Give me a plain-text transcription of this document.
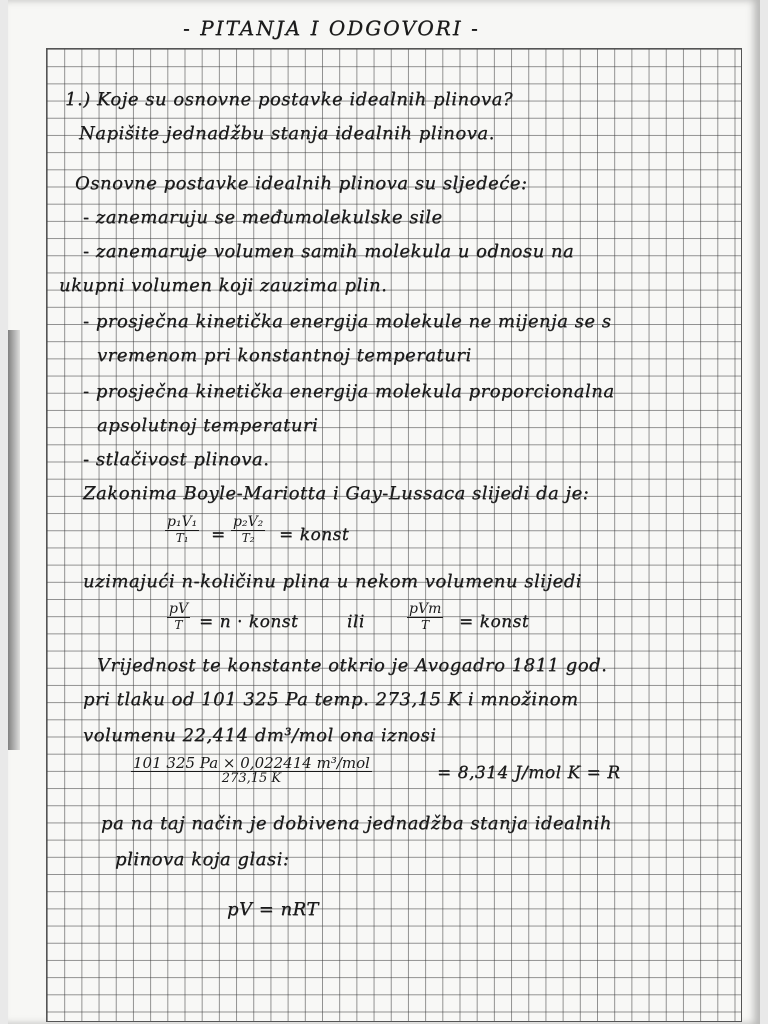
- PITANJA I ODGOVORI -
1.) Koje su osnovne postavke idealnih plinova?
Napišite jednadžbu stanja idealnih plinova.
Osnovne postavke idealnih plinova su sljedeće:
- zanemaruju se međumolekulske sile
- zanemaruje volumen samih molekula u odnosu na
ukupni volumen koji zauzima plin.
- prosječna kinetička energija molekule ne mijenja se s
vremenom pri konstantnoj temperaturi
- prosječna kinetička energija molekula proporcionalna
apsolutnoj temperaturi
- stlačivost plinova.
Zakonima Boyle-Mariotta i Gay-Lussaca slijedi da je:
$\frac{\text{p₁V₁}}{\text{T₁}} = \frac{\text{p₂V₂}}{\text{T₂}}$ = konst
uzimajući n-količinu plina u nekom volumenu slijedi
$\frac{pV}{T} = n$ · konst	ili
pVm
T = konst
Vrijednost te konstante otkrio je Avogadro 1811 god.
pri tlaku od 101 325 Pa temp. 273,15 K i množinom
volumenu 22,414 dm³/mol ona iznosi
101 325 Pa × 0,022414 m³/mol
273,15 K	= 8,314 J/mol K = R
pa na taj način je dobivena jednadžba stanja idealnih
plinova koja glasi:
pV = nRT
